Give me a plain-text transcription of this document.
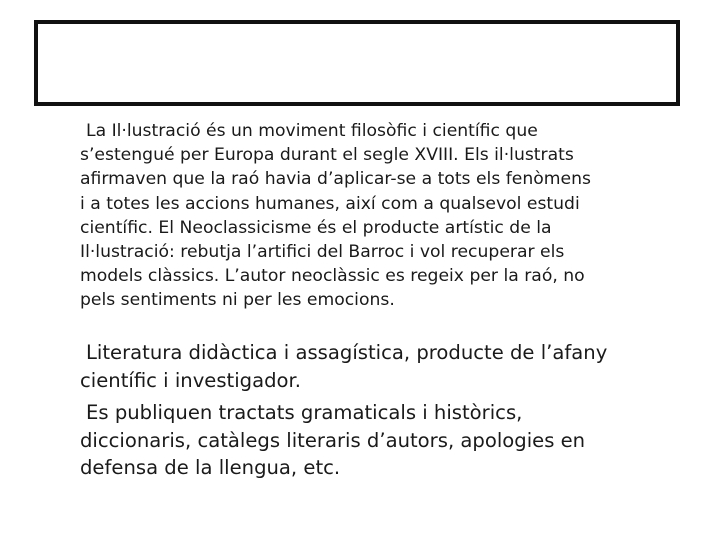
La Il·lustració és un moviment filosòfic i científic que
s’estengué per Europa durant el segle XVIII. Els il·lustrats
afirmaven que la raó havia d’aplicar-se a tots els fenòmens
i a totes les accions humanes, així com a qualsevol estudi
científic. El Neoclassicisme és el producte artístic de la
Il·lustració: rebutja l’artifici del Barroc i vol recuperar els
models clàssics. L’autor neoclàssic es regeix per la raó, no
pels sentiments ni per les emocions.

Literatura didàctica i assagística, producte de l’afany
científic i investigador.

Es publiquen tractats gramaticals i històrics,
diccionaris, catàlegs literaris d’autors, apologies en
defensa de la llengua, etc.
